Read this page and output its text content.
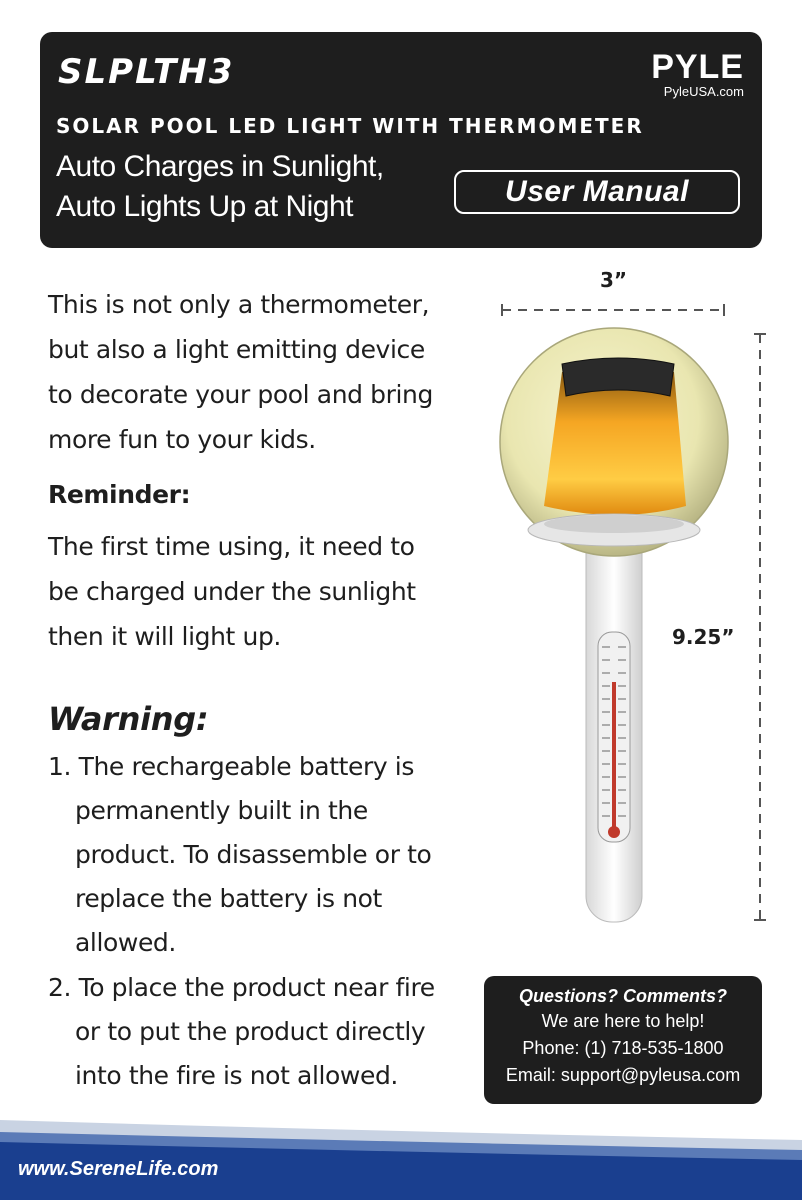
SLPLTH3
SOLAR POOL LED LIGHT WITH THERMOMETER
Auto Charges in Sunlight,
Auto Lights Up at Night
PYLE
PyleUSA.com
User Manual
This is not only a thermometer,
but also a light emitting device
to decorate your pool and bring
more fun to your kids.
Reminder:
The first time using, it need to
be charged under the sunlight
then it will light up.
Warning:
1. The rechargeable battery is
permanently built in the
product. To disassemble or to
replace the battery is not
allowed.
2. To place the product near fire
or to put the product directly
into the fire is not allowed.
3”
9.25”
Questions? Comments?
We are here to help!
Phone: (1) 718-535-1800
Email: support@pyleusa.com
www.SereneLife.com
